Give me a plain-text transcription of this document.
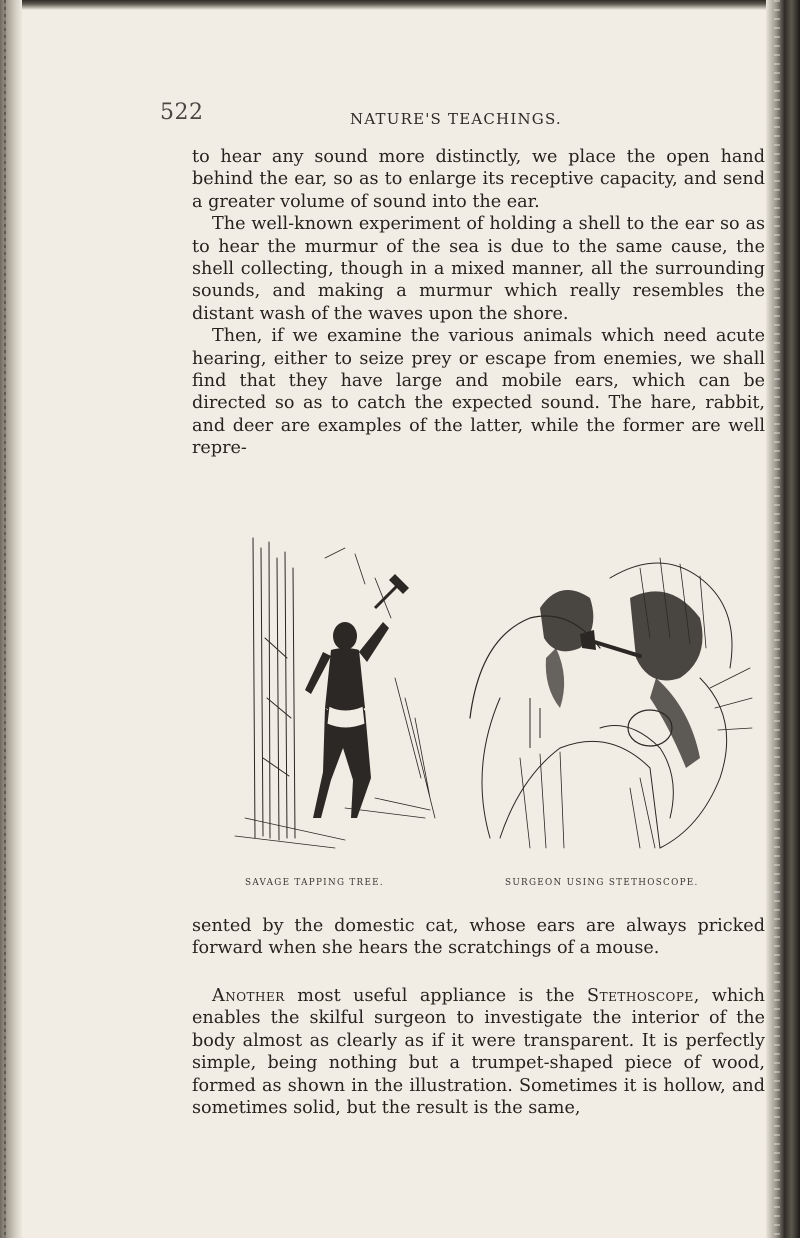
522	NATURE'S TEACHINGS.

to hear any sound more distinctly, we place the open hand behind the ear, so as to enlarge its receptive capacity, and send a greater volume of sound into the ear.

The well-known experiment of holding a shell to the ear so as to hear the murmur of the sea is due to the same cause, the shell collecting, though in a mixed manner, all the surrounding sounds, and making a murmur which really resembles the distant wash of the waves upon the shore.

Then, if we examine the various animals which need acute hearing, either to seize prey or escape from enemies, we shall find that they have large and mobile ears, which can be directed so as to catch the expected sound. The hare, rabbit, and deer are examples of the latter, while the former are well repre-

SAVAGE TAPPING TREE.	SURGEON USING STETHOSCOPE.

sented by the domestic cat, whose ears are always pricked forward when she hears the scratchings of a mouse.

Another most useful appliance is the Stethoscope, which enables the skilful surgeon to investigate the interior of the body almost as clearly as if it were transparent. It is perfectly simple, being nothing but a trumpet-shaped piece of wood, formed as shown in the illustration. Sometimes it is hollow, and sometimes solid, but the result is the same,
